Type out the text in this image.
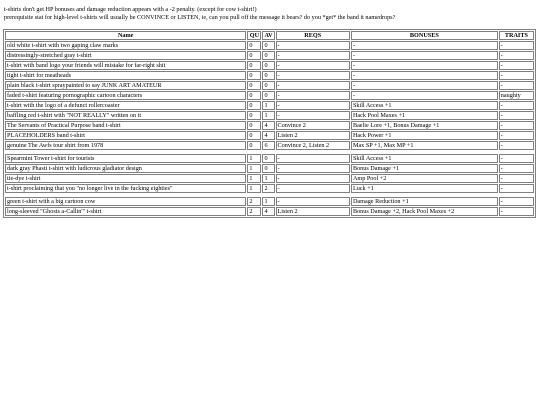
t-shirts don't get HP bonuses and damage reduction appears with a -2 penalty. (except for cow t-shirt!)
prerequisite stat for high-level t-shirts will usually be CONVINCE or LISTEN, ie, can you pull off the message it bears? do you *get* the band it namedrops?
Name	QU	AV	REQS	BONUSES	TRAITS
old white t-shirt with two gaping claw marks	0	0	-	-	-
distressingly-stretched gray t-shirt	0	0	-	-	-
t-shirt with band logo your friends will mistake for far-right shit	0	0	-	-	-
tight t-shirt for meatheads	0	0	-	-	-
plain black t-shirt spraypainted to say JUNK ART AMATEUR	0	0	-	-	-
faded t-shirt featuring pornographic cartoon characters	0	0	-	-	naughty
t-shirt with the logo of a defunct rollercoaster	0	1	-	Skill Access +1	-
baffling red t-shirt with "NOT REALLY" written on it	0	1	-	Hack Pool Maxes +1	-
The Servants of Practical Purpose band t-shirt	0	4	Convince 2	Baelie Lore +1, Bonus Damage +1	-
PLACEHOLDERS band t-shirt	0	4	Listen 2	Hack Power +1	-
genuine The Awfs tour shirt from 1978	0	6	Convince 2, Listen 2	Max SP +1, Max MP +1	-

Spearmint Tower t-shirt for tourists	1	0	-	Skill Access +1	-
dark gray Phasti t-shirt with ludicrous gladiator design	1	0	-	Bonus Damage +1	-
tie-dye t-shirt	1	1	-	Amp Pool +2	-
t-shirt proclaiming that you "no longer live in the fucking eighties"	1	2	-	Luck +1	-

green t-shirt with a big cartoon cow	2	1	-	Damage Reduction +1	-
long-sleeved "Ghosts a-Callin'" t-shirt	2	4	Listen 2	Bonus Damage +2, Hack Pool Maxes +2	-
